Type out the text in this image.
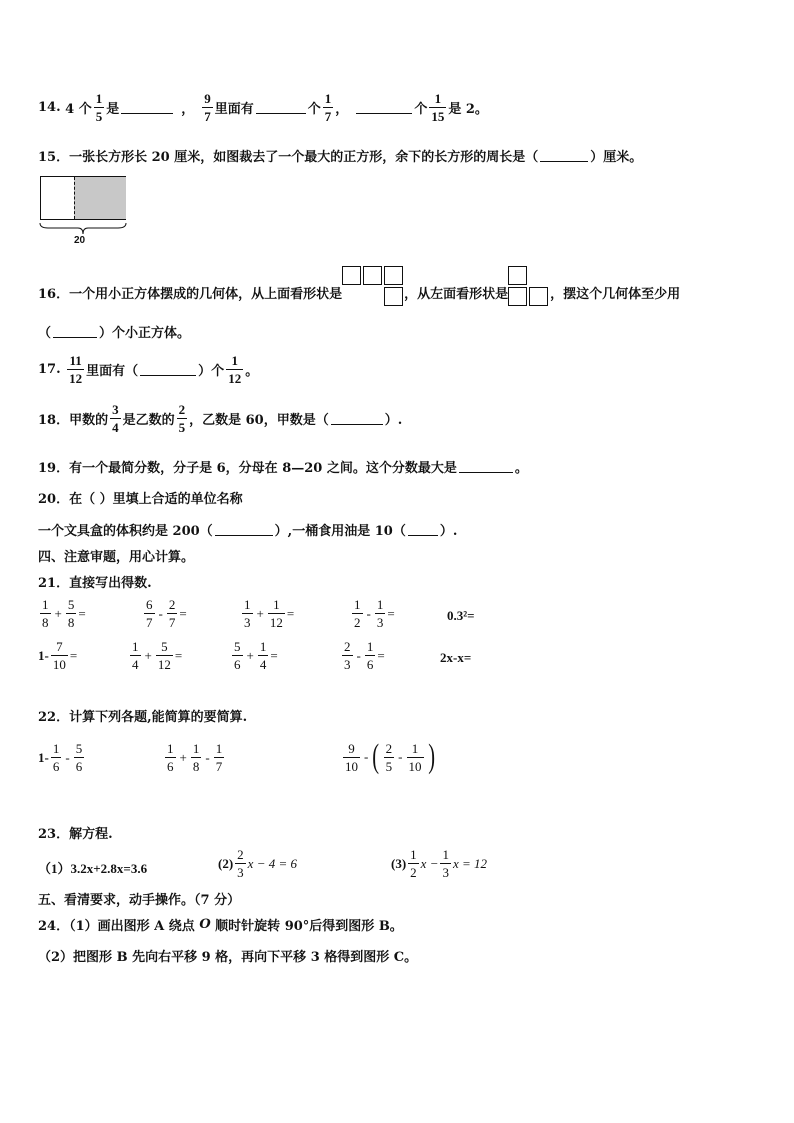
14.
4 个 $\frac{1}{5}$ 是	， $\frac{9}{7}$ 里面有	个 $\frac{1}{7}$ ，	个 $\frac{1}{15}$ 是 2。
15．一张长方形长 20 厘米，如图裁去了一个最大的正方形，余下的长方形的周长是（	）厘米。
20
16．一个用小正方体摆成的几何体，从上面看形状是	，从左面看形状是	，摆这个几何体至少用
（	）个小正方体。
17.
$\frac{11}{12}$ 里面有（	）个 $\frac{1}{12}$ 。
18．甲数的 $\frac{3}{4}$ 是乙数的 $\frac{2}{5}$ ，乙数是 60，甲数是（	）.
19．有一个最简分数，分子是 6，分母在 8—20 之间。这个分数最大是	。
20．在（ ）里填上合适的单位名称
一个文具盒的体积约是 200（	）,一桶食用油是 10（	）.
四、注意审题，用心计算。
21．直接写出得数.
$\frac{1}{8} + \frac{5}{8}$ =	$\frac{6}{7} - \frac{2}{7}$ =	$\frac{1}{3} + \frac{1}{12}$ =	$\frac{1}{2} - \frac{1}{3}$ =	0.3²=
$1- \frac{7}{10}$ =	$\frac{1}{4} + \frac{5}{12}$ =	$\frac{5}{6} + \frac{1}{4}$ =	$\frac{2}{3} - \frac{1}{6}$ =	2x-x=
22．计算下列各题,能简算的要简算.
$1- \frac{1}{6} - \frac{5}{6}$	$\frac{1}{6} + \frac{1}{8} - \frac{1}{7}$	$\frac{9}{10}$ - ( $\frac{2}{5} - \frac{1}{10}$ )
23．解方程.
（1）3.2x+2.8x=3.6	$(2) \frac{2}{3}$ x − 4 = 6	$(3) \frac{1}{2}$ $x - \frac{1}{3}$ x = 12
五、看清要求，动手操作。（7 分）
24．（1）画出图形 A 绕点
O
顺时针旋转 90°后得到图形 B。
（2）把图形 B 先向右平移 9 格，再向下平移 3 格得到图形 C。
